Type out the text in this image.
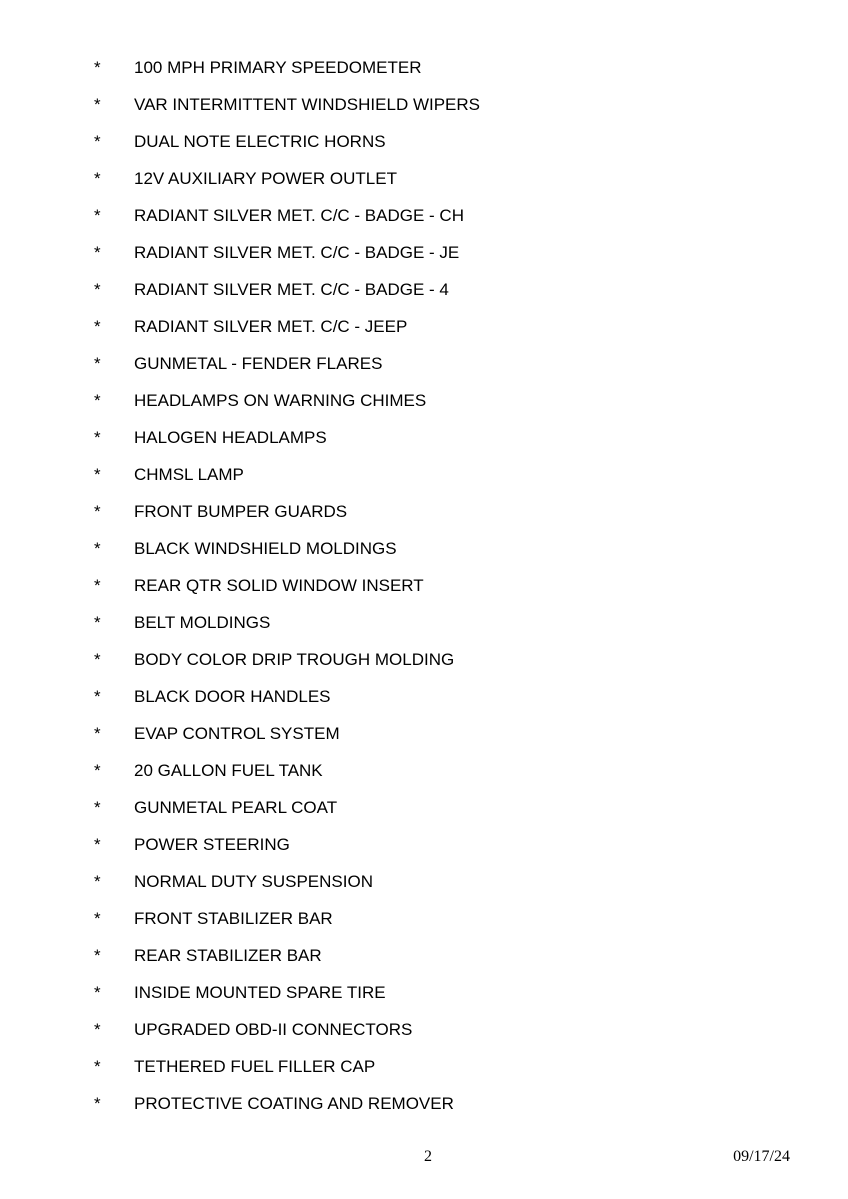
* 100 MPH PRIMARY SPEEDOMETER
* VAR INTERMITTENT WINDSHIELD WIPERS
* DUAL NOTE ELECTRIC HORNS
* 12V AUXILIARY POWER OUTLET
* RADIANT SILVER MET. C/C - BADGE - CH
* RADIANT SILVER MET. C/C - BADGE - JE
* RADIANT SILVER MET. C/C - BADGE - 4
* RADIANT SILVER MET. C/C - JEEP
* GUNMETAL - FENDER FLARES
* HEADLAMPS ON WARNING CHIMES
* HALOGEN HEADLAMPS
* CHMSL LAMP
* FRONT BUMPER GUARDS
* BLACK WINDSHIELD MOLDINGS
* REAR QTR SOLID WINDOW INSERT
* BELT MOLDINGS
* BODY COLOR DRIP TROUGH MOLDING
* BLACK DOOR HANDLES
* EVAP CONTROL SYSTEM
* 20 GALLON FUEL TANK
* GUNMETAL PEARL COAT
* POWER STEERING
* NORMAL DUTY SUSPENSION
* FRONT STABILIZER BAR
* REAR STABILIZER BAR
* INSIDE MOUNTED SPARE TIRE
* UPGRADED OBD-II CONNECTORS
* TETHERED FUEL FILLER CAP
* PROTECTIVE COATING AND REMOVER
2	09/17/24
